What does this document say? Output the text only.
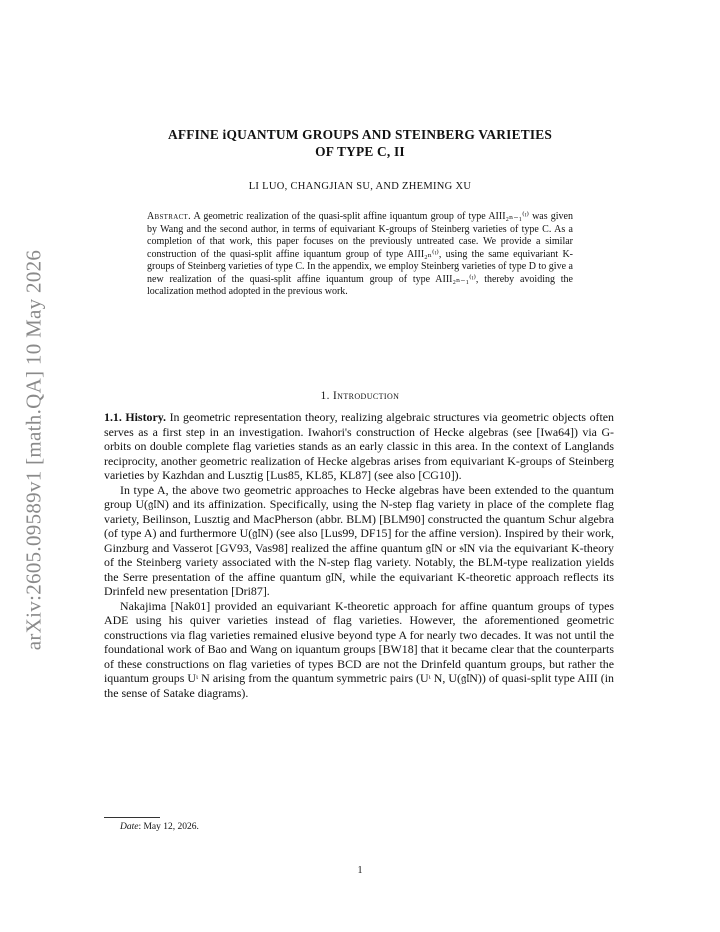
arXiv:2605.09589v1 [math.QA] 10 May 2026
AFFINE iQUANTUM GROUPS AND STEINBERG VARIETIES
OF TYPE C, II
LI LUO, CHANGJIAN SU, AND ZHEMING XU
Abstract. A geometric realization of the quasi-split affine iquantum group of type AIII₂ₙ₋₁⁽ᵗ⁾ was given by Wang and the second author, in terms of equivariant K-groups of Steinberg varieties of type C. As a completion of that work, this paper focuses on the previously untreated case. We provide a similar construction of the quasi-split affine iquantum group of type AIII₂ₙ⁽ᵗ⁾, using the same equivariant K-groups of Steinberg varieties of type C. In the appendix, we employ Steinberg varieties of type D to give a new realization of the quasi-split affine iquantum group of type AIII₂ₙ₋₁⁽ᵗ⁾, thereby avoiding the localization method adopted in the previous work.
1. Introduction

1.1. History. In geometric representation theory, realizing algebraic structures via geometric objects often serves as a first step in an investigation. Iwahori's construction of Hecke algebras (see [Iwa64]) via G-orbits on double complete flag varieties stands as an early classic in this area. In the context of Langlands reciprocity, another geometric realization of Hecke algebras arises from equivariant K-groups of Steinberg varieties by Kazhdan and Lusztig [Lus85, KL85, KL87] (see also [CG10]).

In type A, the above two geometric approaches to Hecke algebras have been extended to the quantum group U(𝔤𝔩N) and its affinization. Specifically, using the N-step flag variety in place of the complete flag variety, Beilinson, Lusztig and MacPherson (abbr. BLM) [BLM90] constructed the quantum Schur algebra (of type A) and furthermore U(𝔤𝔩N) (see also [Lus99, DF15] for the affine version). Inspired by their work, Ginzburg and Vasserot [GV93, Vas98] realized the affine quantum 𝔤𝔩N or 𝔰𝔩N via the equivariant K-theory of the Steinberg variety associated with the N-step flag variety. Notably, the BLM-type realization yields the Serre presentation of the affine quantum 𝔤𝔩N, while the equivariant K-theoretic approach reflects its Drinfeld new presentation [Dri87].

Nakajima [Nak01] provided an equivariant K-theoretic approach for affine quantum groups of types ADE using his quiver varieties instead of flag varieties. However, the aforementioned geometric constructions via flag varieties remained elusive beyond type A for nearly two decades. It was not until the foundational work of Bao and Wang on iquantum groups [BW18] that it became clear that the counterparts of these constructions on flag varieties of types BCD are not the Drinfeld quantum groups, but rather the iquantum groups Uᶥ N arising from the quantum symmetric pairs (Uᶥ N, U(𝔤𝔩N)) of quasi-split type AIII (in the sense of Satake diagrams).

Date: May 12, 2026.
1
